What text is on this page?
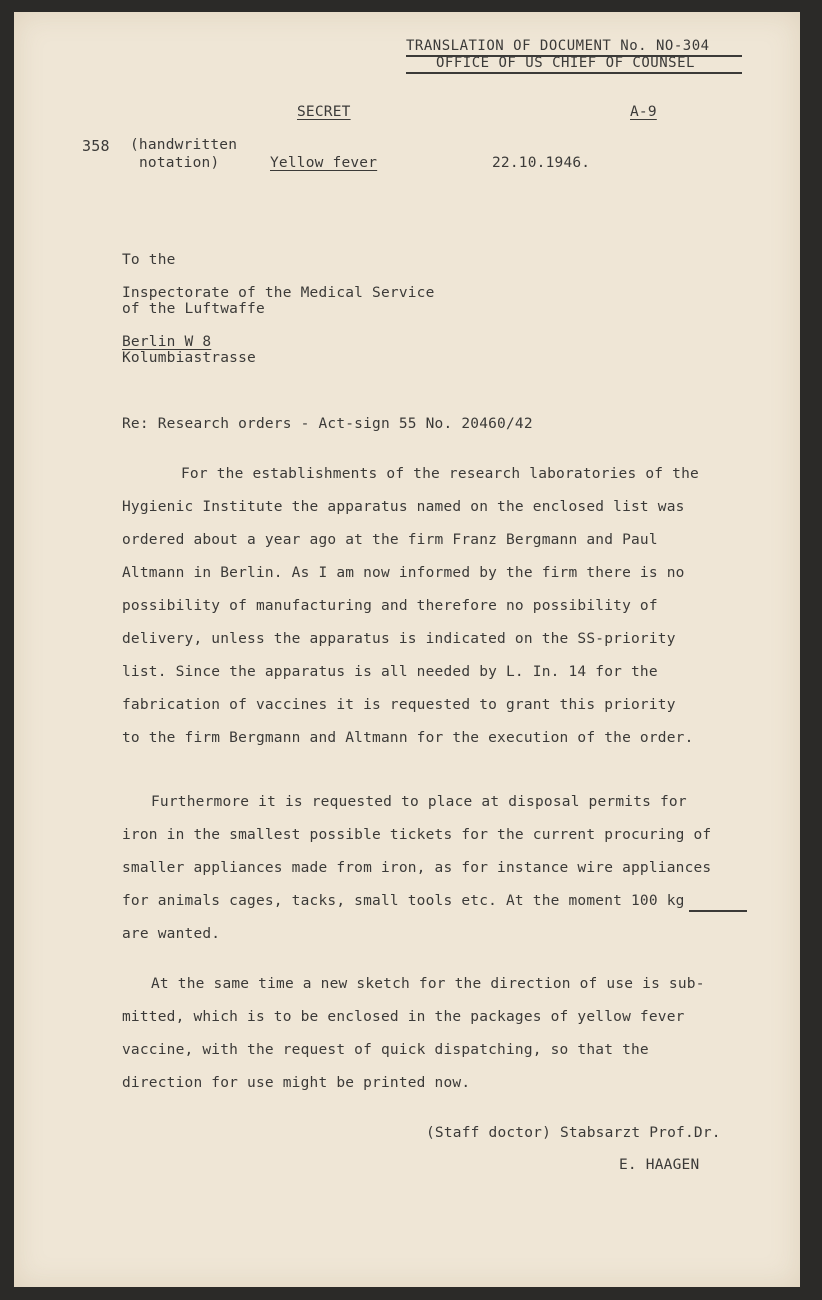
TRANSLATION OF DOCUMENT No. NO-304
OFFICE OF US CHIEF OF COUNSEL
SECRET	A-9
358 (handwritten
notation)	Yellow fever	22.10.1946.
To the
Inspectorate of the Medical Service
of the Luftwaffe
Berlin W 8
Kolumbiastrasse
Re: Research orders - Act-sign 55 No. 20460/42
For the establishments of the research laboratories of the
Hygienic Institute the apparatus named on the enclosed list was
ordered about a year ago at the firm Franz Bergmann and Paul
Altmann in Berlin. As I am now informed by the firm there is no
possibility of manufacturing and therefore no possibility of
delivery, unless the apparatus is indicated on the SS-priority
list. Since the apparatus is all needed by L. In. 14 for the
fabrication of vaccines it is requested to grant this priority
to the firm Bergmann and Altmann for the execution of the order.
Furthermore it is requested to place at disposal permits for
iron in the smallest possible tickets for the current procuring of
smaller appliances made from iron, as for instance wire appliances
for animals cages, tacks, small tools etc. At the moment 100 kg
are wanted.
At the same time a new sketch for the direction of use is sub-
mitted, which is to be enclosed in the packages of yellow fever
vaccine, with the request of quick dispatching, so that the
direction for use might be printed now.
(Staff doctor) Stabsarzt Prof.Dr.
E. HAAGEN
